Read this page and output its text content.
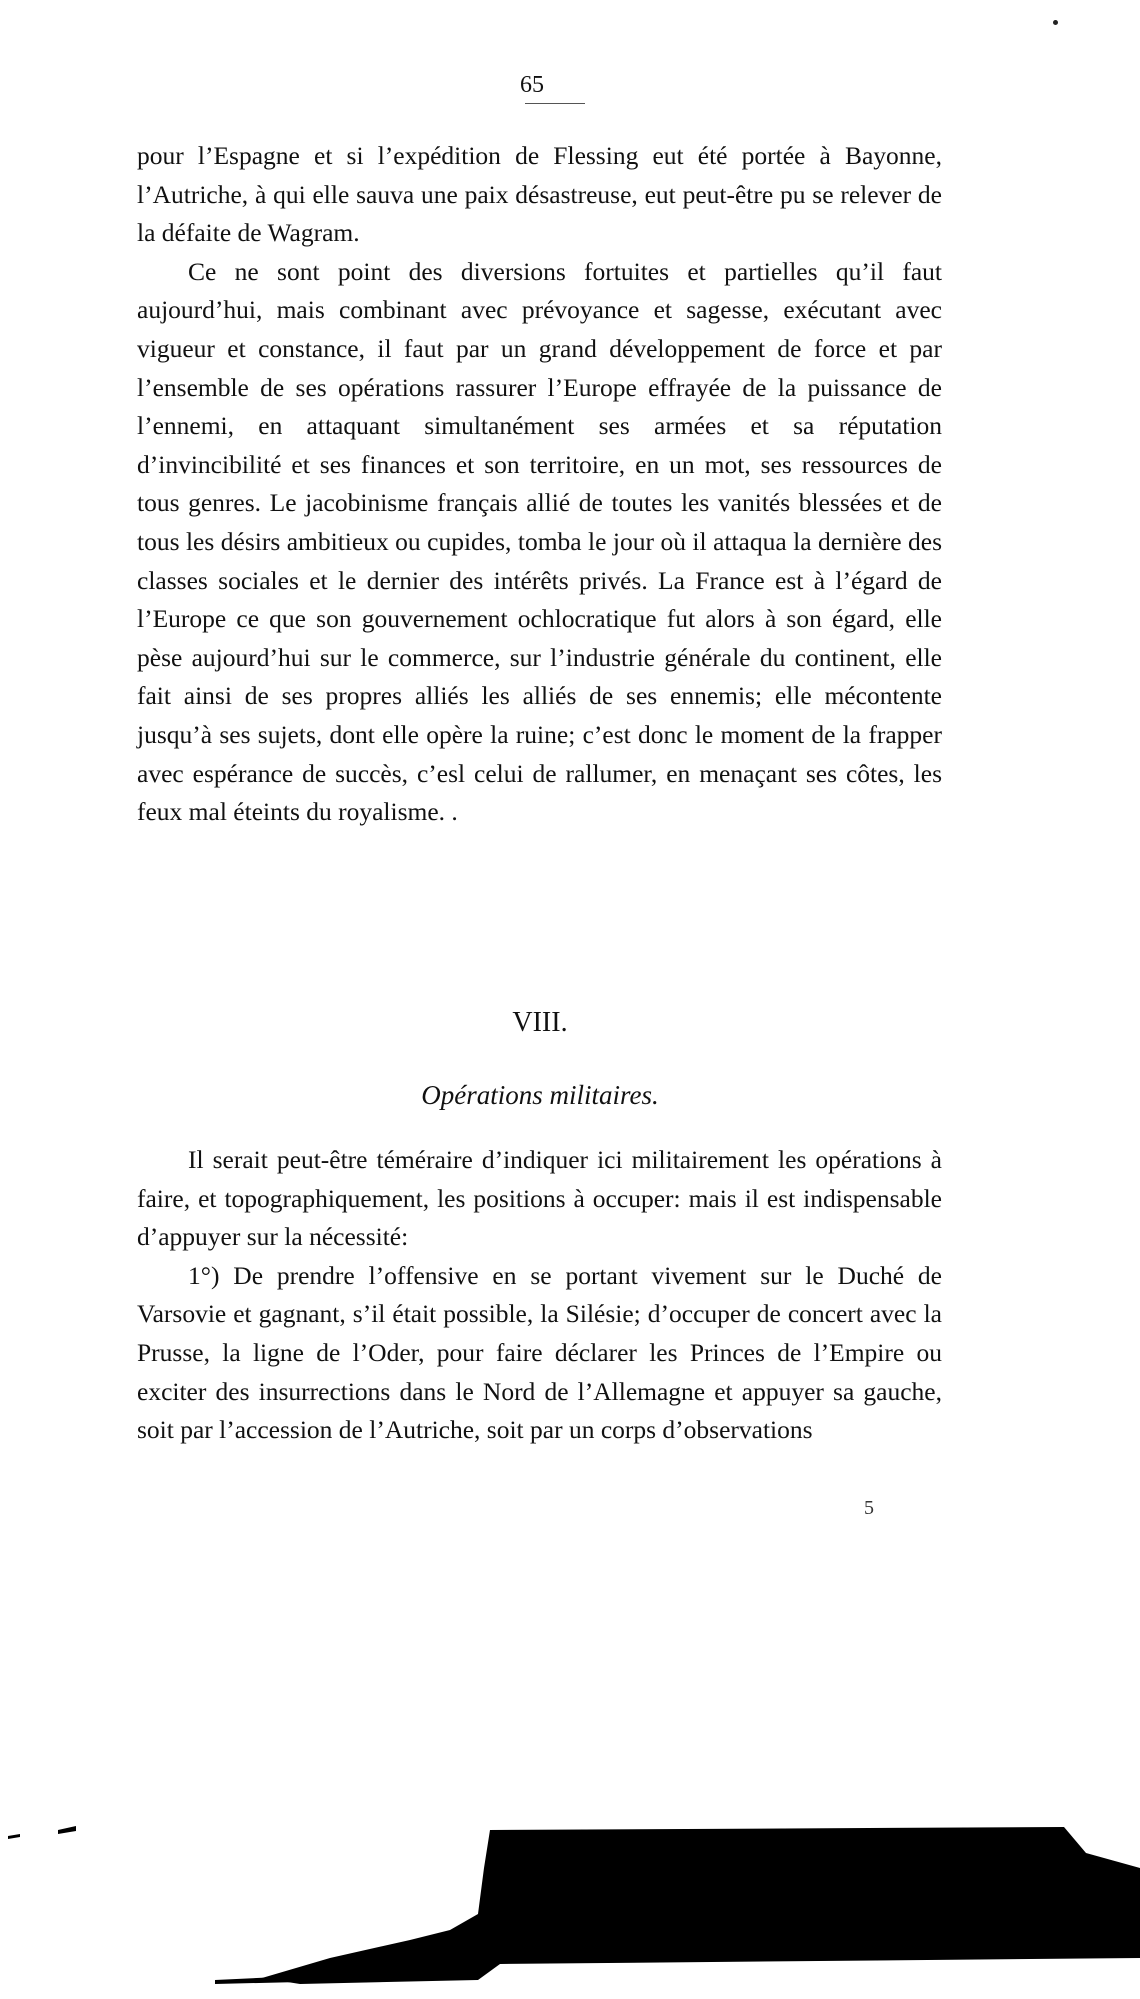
65

pour l’Espagne et si l’expédition de Flessing eut été portée à Bayonne, l’Autriche, à qui elle sauva une paix désastreuse, eut peut-être pu se relever de la défaite de Wagram.

Ce ne sont point des diversions fortuites et partielles qu’il faut aujourd’hui, mais combinant avec prévoyance et sagesse, exécutant avec vigueur et constance, il faut par un grand développement de force et par l’ensemble de ses opérations rassurer l’Europe effrayée de la puissance de l’ennemi, en attaquant simultanément ses armées et sa réputation d’invincibilité et ses finances et son territoire, en un mot, ses ressources de tous genres. Le jacobinisme français allié de toutes les vanités blessées et de tous les désirs ambitieux ou cupides, tomba le jour où il attaqua la dernière des classes sociales et le dernier des intérêts privés. La France est à l’égard de l’Europe ce que son gouvernement ochlocratique fut alors à son égard, elle pèse aujourd’hui sur le commerce, sur l’industrie générale du continent, elle fait ainsi de ses propres alliés les alliés de ses ennemis; elle mécontente jusqu’à ses sujets, dont elle opère la ruine; c’est donc le moment de la frapper avec espérance de succès, c’esl celui de rallumer, en menaçant ses côtes, les feux mal éteints du royalisme. .

VIII.
Opérations militaires.

Il serait peut-être téméraire d’indiquer ici militairement les opérations à faire, et topographiquement, les positions à occuper: mais il est indispensable d’appuyer sur la nécessité:

1°) De prendre l’offensive en se portant vivement sur le Duché de Varsovie et gagnant, s’il était possible, la Silésie; d’occuper de concert avec la Prusse, la ligne de l’Oder, pour faire déclarer les Princes de l’Empire ou exciter des insurrections dans le Nord de l’Allemagne et appuyer sa gauche, soit par l’accession de l’Autriche, soit par un corps d’observations

5
